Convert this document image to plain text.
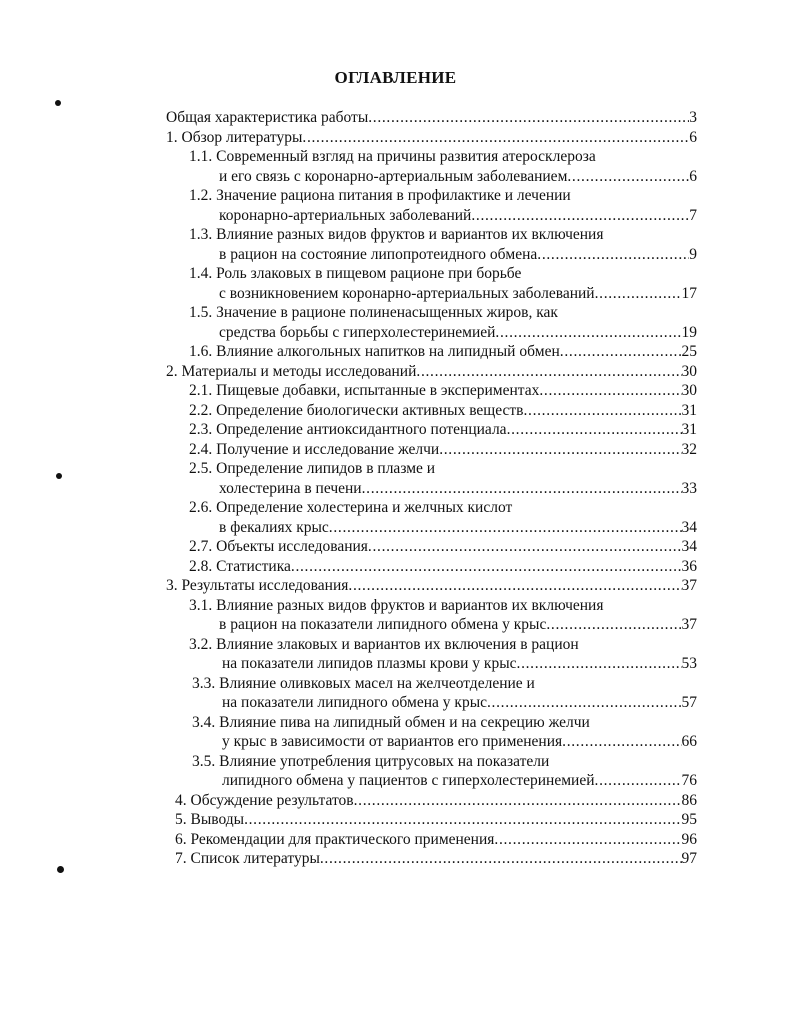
ОГЛАВЛЕНИЕ
Общая характеристика работы . . .	3
1. Обзор литературы . . .	6
1.1. Современный взгляд на причины развития атеросклероза
и его связь с коронарно-артериальным заболеванием . . .	6
1.2. Значение рациона питания в профилактике и лечении
коронарно-артериальных заболеваний . . .	7
1.3. Влияние разных видов фруктов и вариантов их включения
в рацион на состояние липопротеидного обмена . . .	9
1.4. Роль злаковых в пищевом рационе при борьбе
с возникновением коронарно-артериальных заболеваний . . .	17
1.5. Значение в рационе полиненасыщенных жиров, как
средства борьбы с гиперхолестеринемией . . .	19
1.6. Влияние алкогольных напитков на липидный обмен . . .	25
2. Материалы и методы исследований . . .	30
2.1. Пищевые добавки, испытанные в экспериментах . . .	30
2.2. Определение биологически активных веществ . . .	31
2.3. Определение антиоксидантного потенциала . . .	31
2.4. Получение и исследование желчи . . .	32
2.5. Определение липидов в плазме и
холестерина в печени . . .	33
2.6. Определение холестерина и желчных кислот
в фекалиях крыс . . .	34
2.7. Объекты исследования . . .	34
2.8. Статистика . . .	36
3. Результаты исследования . . .	37
3.1. Влияние разных видов фруктов и вариантов их включения
в рацион на показатели липидного обмена у крыс . . .	37
3.2. Влияние злаковых и вариантов их включения в рацион
на показатели липидов плазмы крови у крыс . . .	53
3.3. Влияние оливковых масел на желчеотделение и
на показатели липидного обмена у крыс . . .	57
3.4. Влияние пива на липидный обмен и на секрецию желчи
у крыс в зависимости от вариантов его применения . . .	66
3.5. Влияние употребления цитрусовых на показатели
липидного обмена у пациентов с гиперхолестеринемией . . .	76
4. Обсуждение результатов . . .	86
5. Выводы . . .	95
6. Рекомендации для практического применения . . .	96
7. Список литературы . . .	97
